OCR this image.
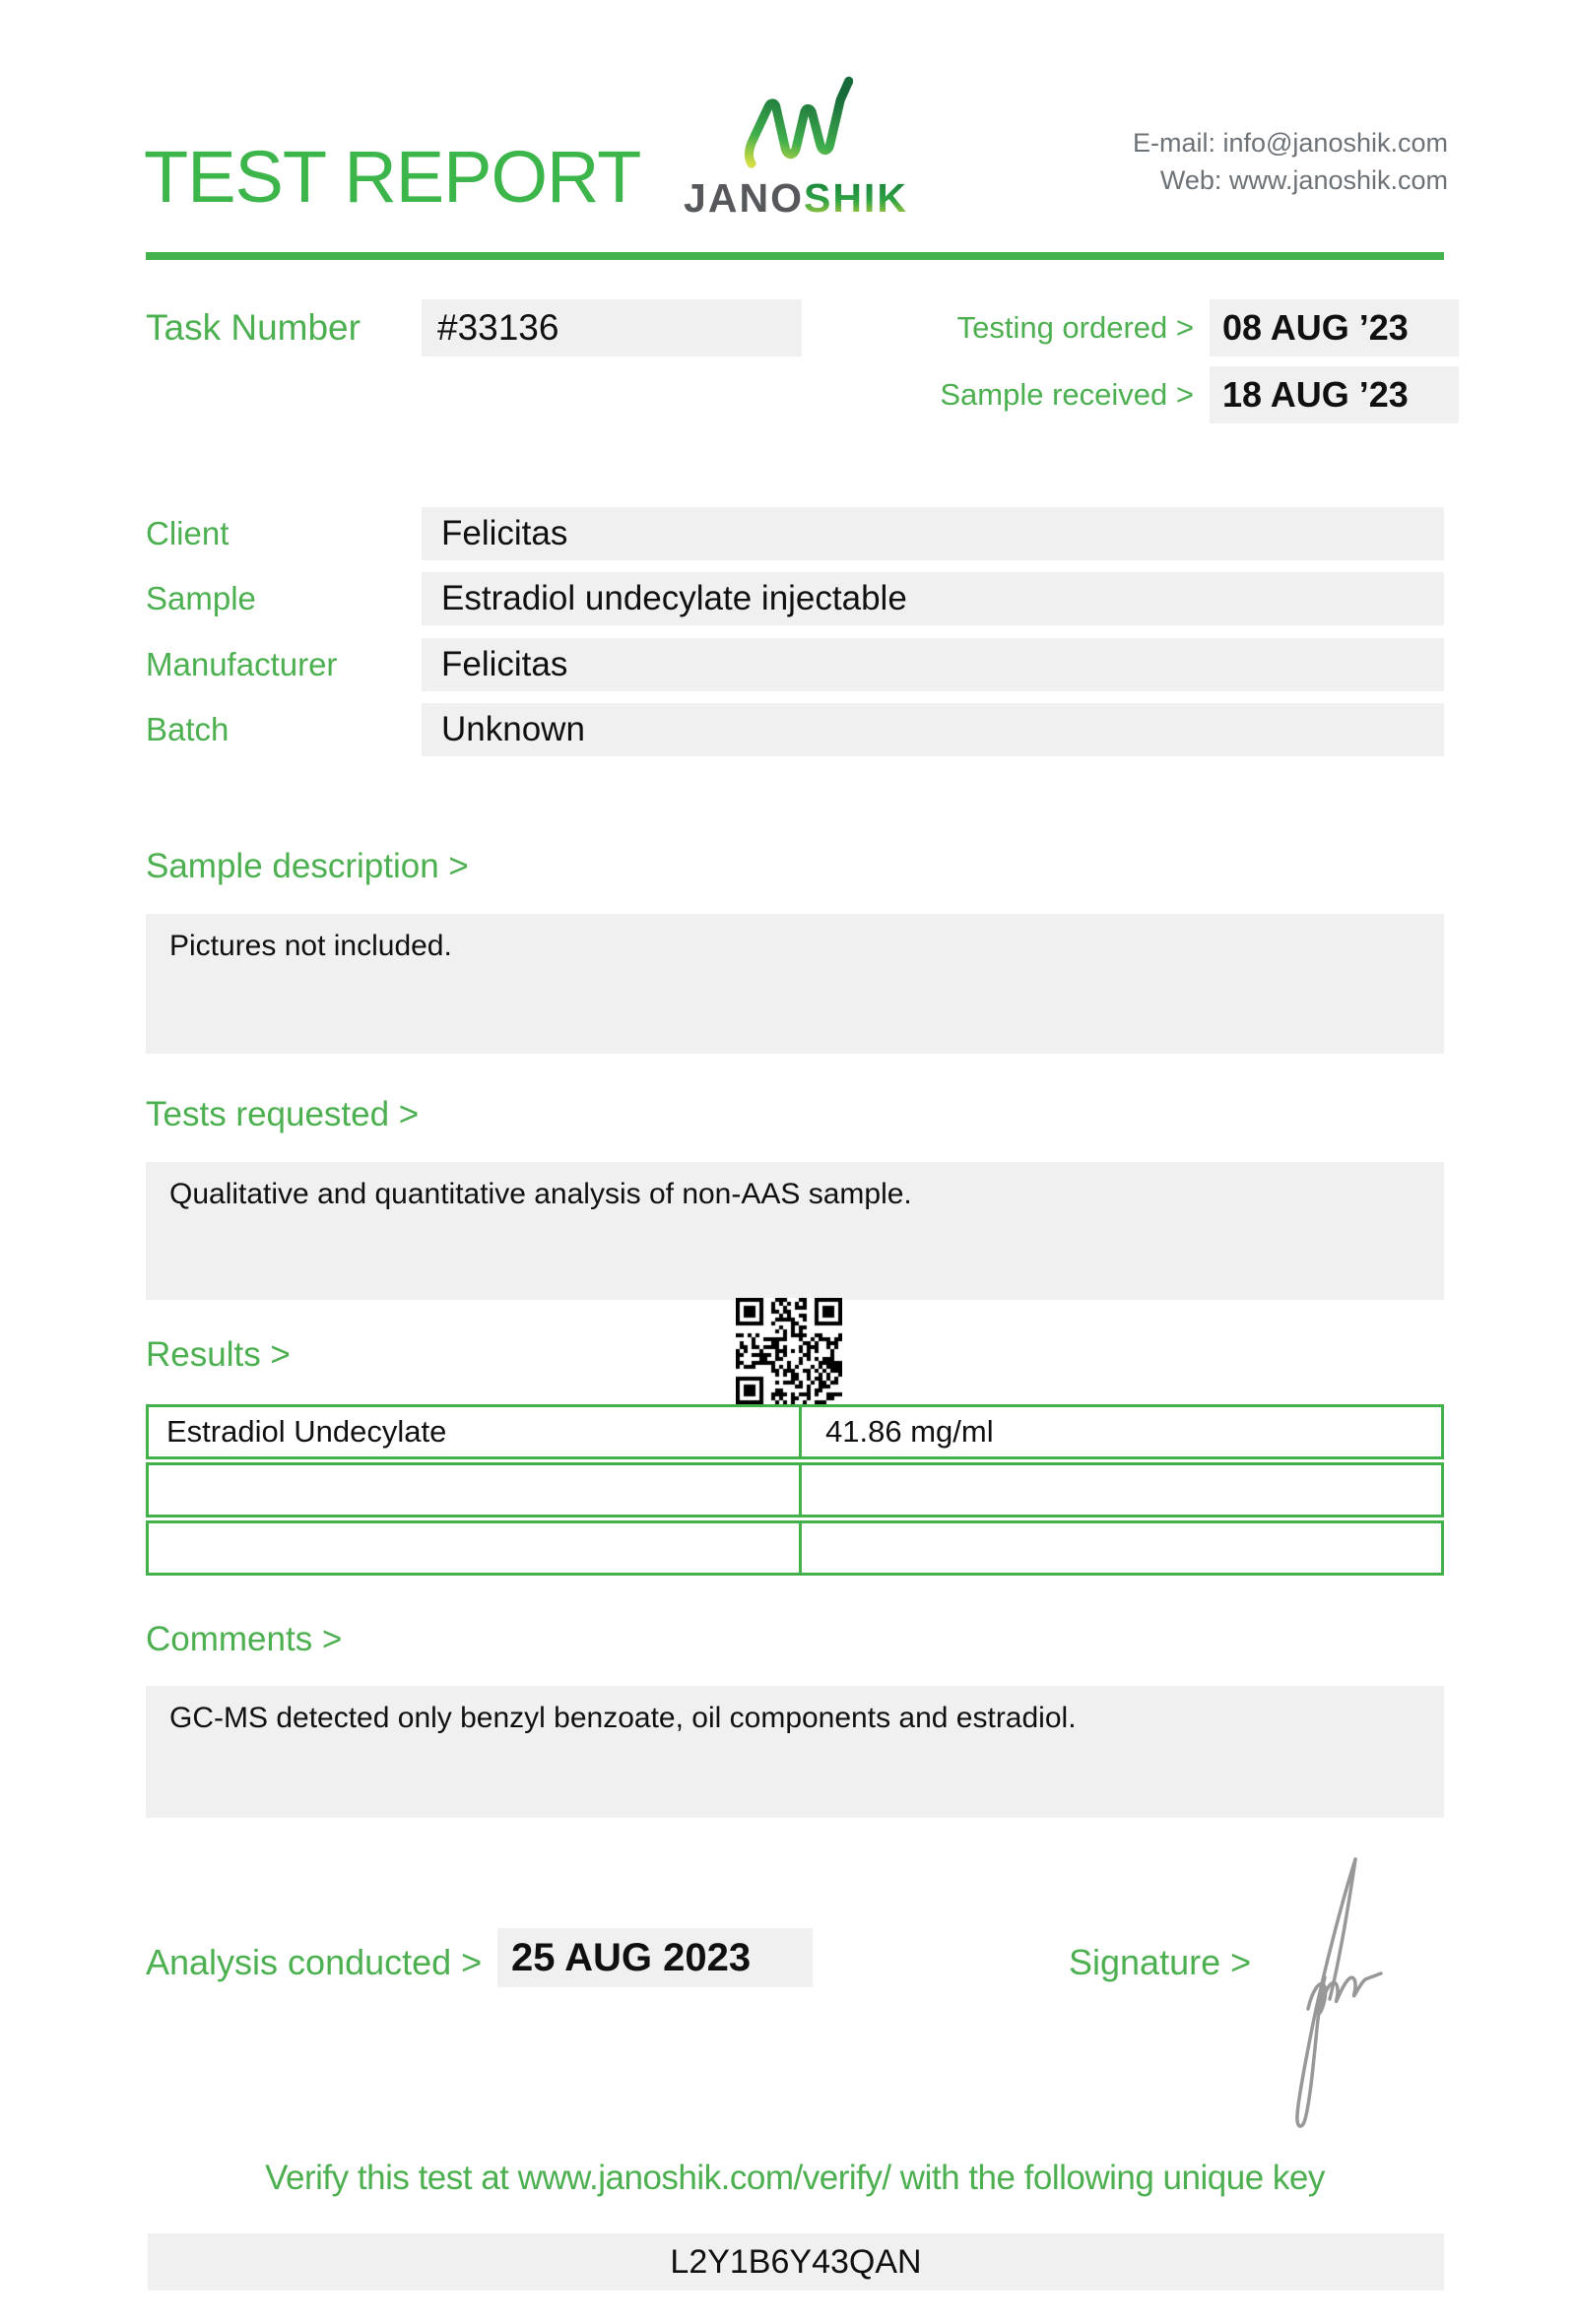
TEST REPORT	JANOSHIK
E-mail: info@janoshik.com
Web: www.janoshik.com
Task Number	#33136	Testing ordered > 08 AUG ’23
Sample received > 18 AUG ’23
Client	Felicitas
Sample	Estradiol undecylate injectable
Manufacturer	Felicitas
Batch	Unknown
Sample description >
Pictures not included.
Tests requested >
Qualitative and quantitative analysis of non-AAS sample.
Results >
Estradiol Undecylate	41.86 mg/ml
Comments >
GC-MS detected only benzyl benzoate, oil components and estradiol.
Analysis conducted > 25 AUG 2023	Signature >
Verify this test at www.janoshik.com/verify/ with the following unique key
L2Y1B6Y43QAN
